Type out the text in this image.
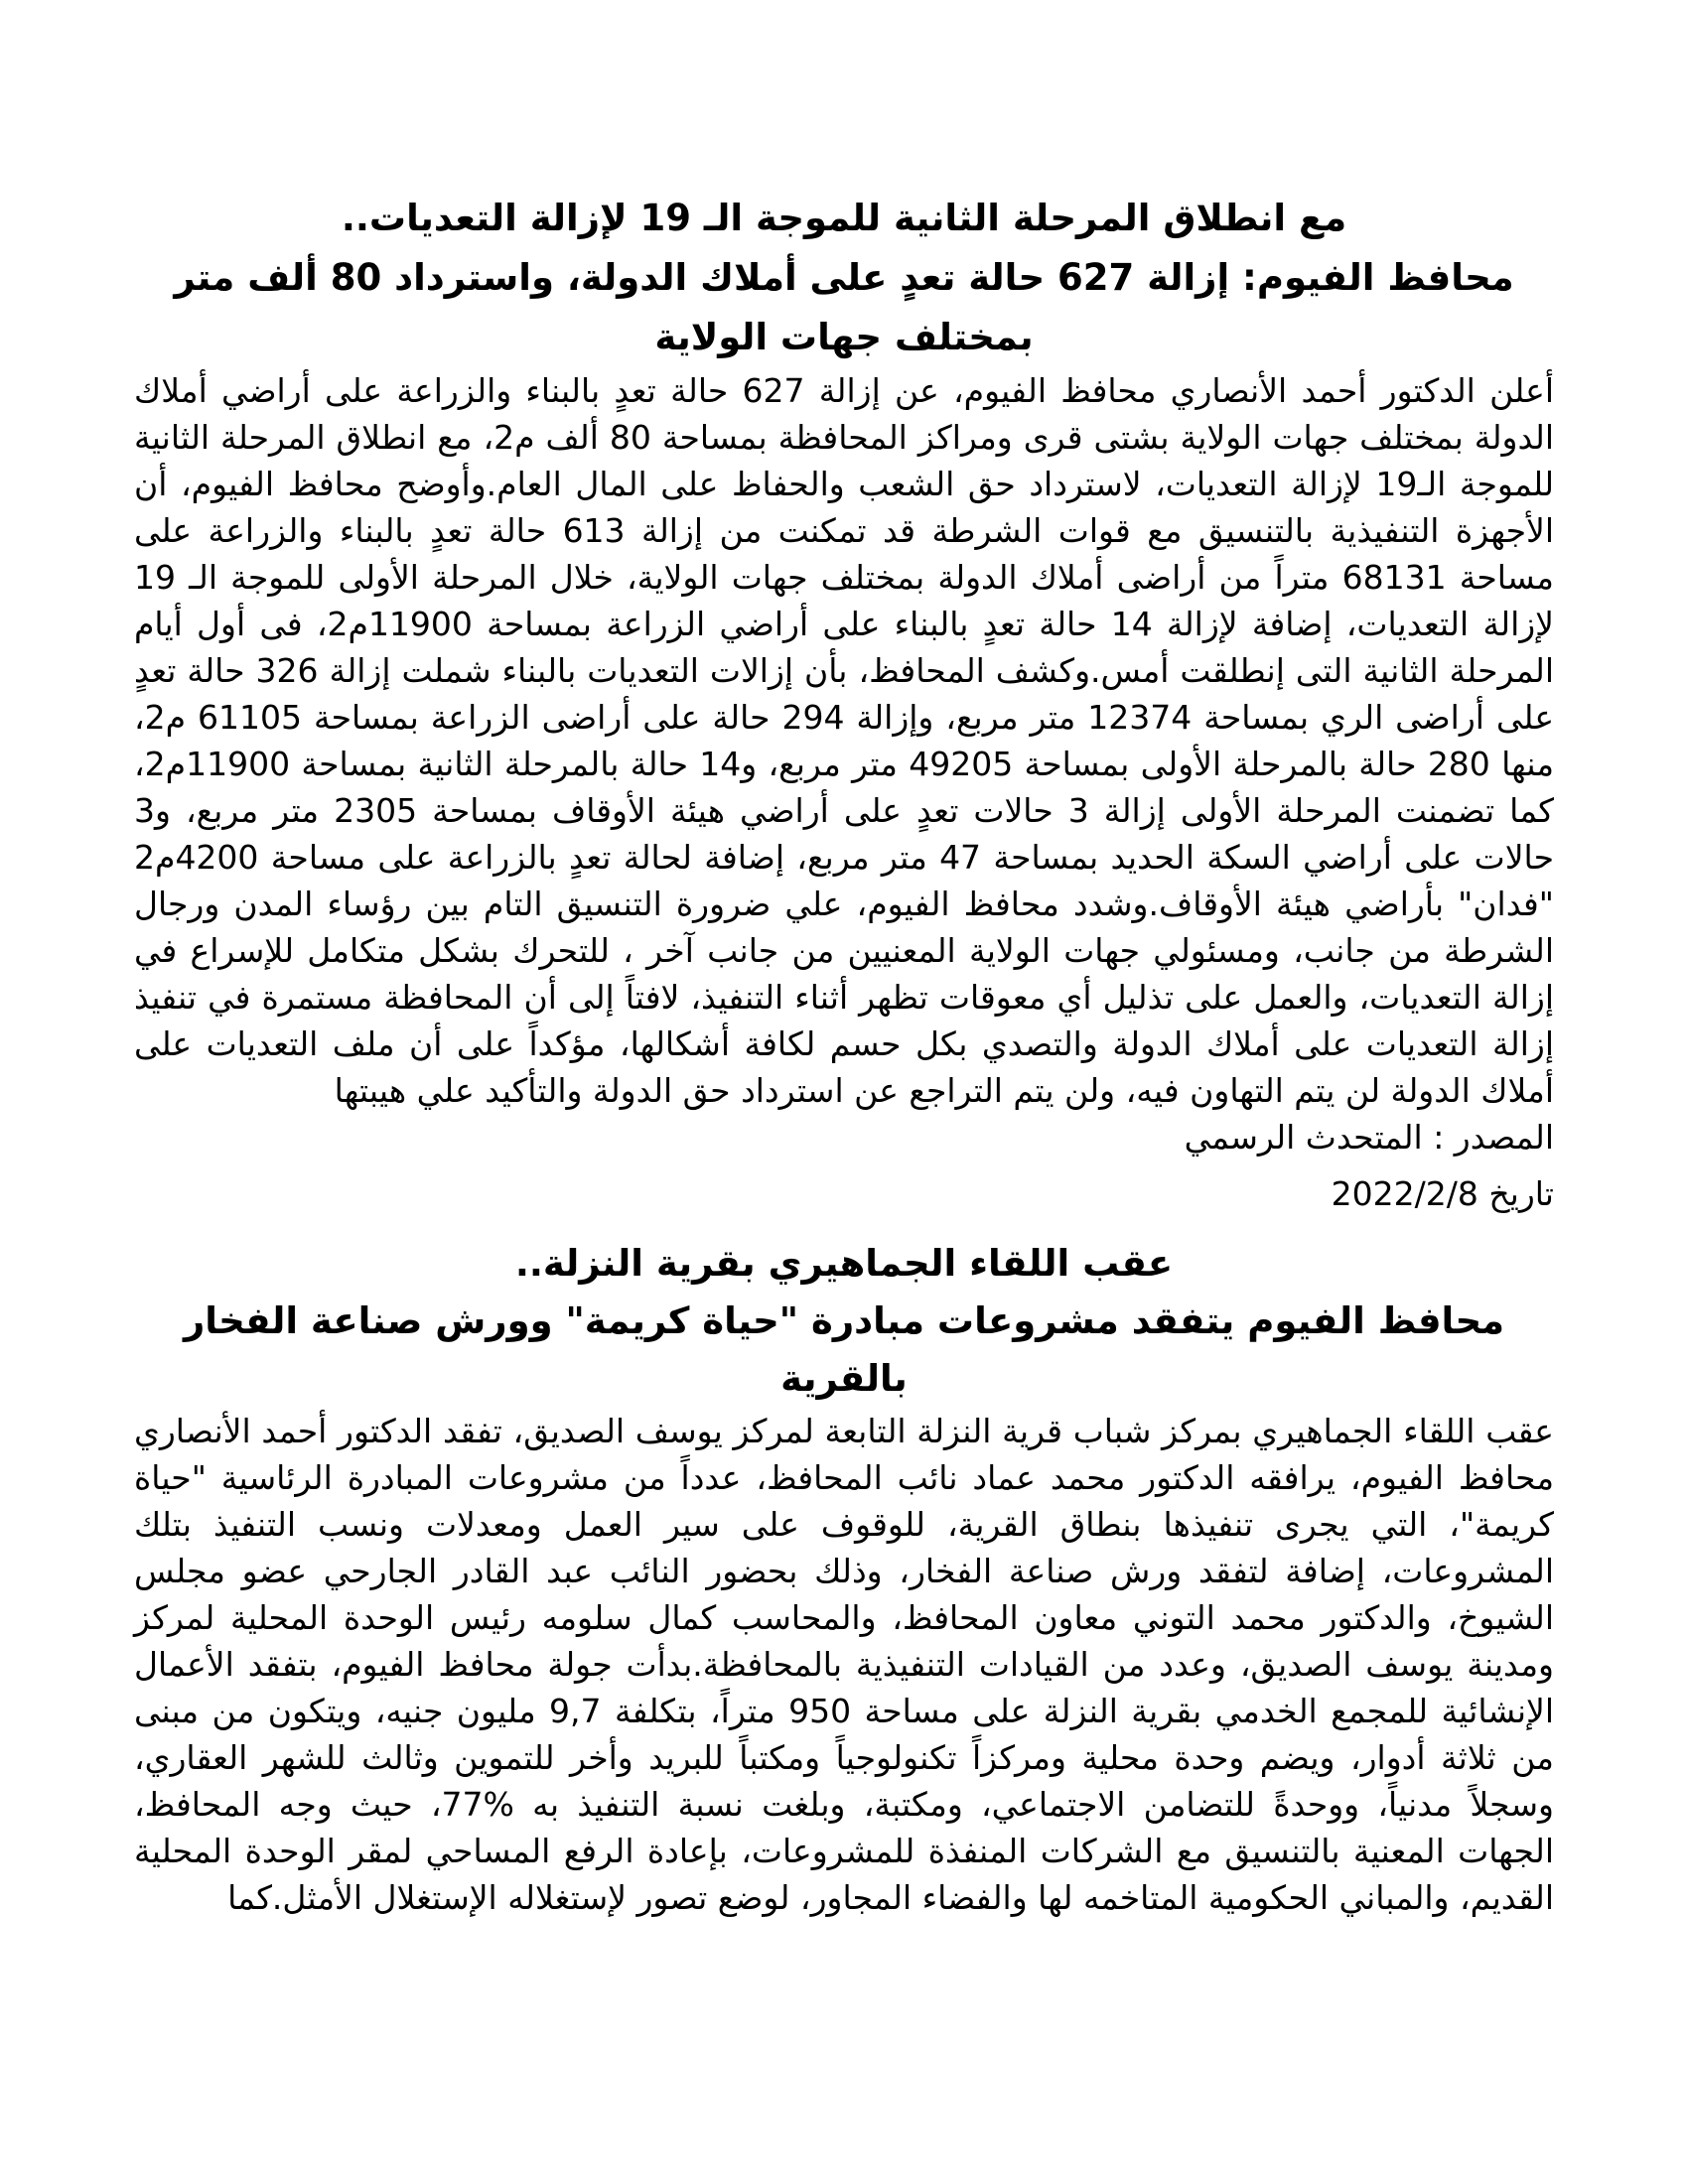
مع انطلاق المرحلة الثانية للموجة الـ 19 لإزالة التعديات..
محافظ الفيوم: إزالة 627 حالة تعدٍ على أملاك الدولة، واسترداد 80 ألف متر
بمختلف جهات الولاية

أعلن الدكتور أحمد الأنصاري محافظ الفيوم، عن إزالة 627 حالة تعدٍ بالبناء والزراعة على أراضي أملاك الدولة بمختلف جهات الولاية بشتى قرى ومراكز المحافظة بمساحة 80 ألف م2، مع انطلاق المرحلة الثانية للموجة الـ19 لإزالة التعديات، لاسترداد حق الشعب والحفاظ على المال العام.وأوضح محافظ الفيوم، أن الأجهزة التنفيذية بالتنسيق مع قوات الشرطة قد تمكنت من إزالة 613 حالة تعدٍ بالبناء والزراعة على مساحة 68131 متراً من أراضى أملاك الدولة بمختلف جهات الولاية، خلال المرحلة الأولى للموجة الـ 19 لإزالة التعديات، إضافة لإزالة 14 حالة تعدٍ بالبناء على أراضي الزراعة بمساحة 11900م2، فى أول أيام المرحلة الثانية التى إنطلقت أمس.وكشف المحافظ، بأن إزالات التعديات بالبناء شملت إزالة 326 حالة تعدٍ على أراضى الري بمساحة 12374 متر مربع، وإزالة 294 حالة على أراضى الزراعة بمساحة 61105 م2، منها 280 حالة بالمرحلة الأولى بمساحة 49205 متر مربع، و14 حالة بالمرحلة الثانية بمساحة 11900م2، كما تضمنت المرحلة الأولى إزالة 3 حالات تعدٍ على أراضي هيئة الأوقاف بمساحة 2305 متر مربع، و3 حالات على أراضي السكة الحديد بمساحة 47 متر مربع، إضافة لحالة تعدٍ بالزراعة على مساحة 4200م2 "فدان" بأراضي هيئة الأوقاف.وشدد محافظ الفيوم، علي ضرورة التنسيق التام بين رؤساء المدن ورجال الشرطة من جانب، ومسئولي جهات الولاية المعنيين من جانب آخر ، للتحرك بشكل متكامل للإسراع في إزالة التعديات، والعمل على تذليل أي معوقات تظهر أثناء التنفيذ، لافتاً إلى أن المحافظة مستمرة في تنفيذ إزالة التعديات على أملاك الدولة والتصدي بكل حسم لكافة أشكالها، مؤكداً على أن ملف التعديات على أملاك الدولة لن يتم التهاون فيه، ولن يتم التراجع عن استرداد حق الدولة والتأكيد علي هيبتها

المصدر : المتحدث الرسمي
تاريخ 2022/2/8
عقب اللقاء الجماهيري بقرية النزلة..
محافظ الفيوم يتفقد مشروعات مبادرة "حياة كريمة" وورش صناعة الفخار
بالقرية

عقب اللقاء الجماهيري بمركز شباب قرية النزلة التابعة لمركز يوسف الصديق، تفقد الدكتور أحمد الأنصاري محافظ الفيوم، يرافقه الدكتور محمد عماد نائب المحافظ، عدداً من مشروعات المبادرة الرئاسية "حياة كريمة"، التي يجرى تنفيذها بنطاق القرية، للوقوف على سير العمل ومعدلات ونسب التنفيذ بتلك المشروعات، إضافة لتفقد ورش صناعة الفخار، وذلك بحضور النائب عبد القادر الجارحي عضو مجلس الشيوخ، والدكتور محمد التوني معاون المحافظ، والمحاسب كمال سلومه رئيس الوحدة المحلية لمركز ومدينة يوسف الصديق، وعدد من القيادات التنفيذية بالمحافظة.بدأت جولة محافظ الفيوم، بتفقد الأعمال الإنشائية للمجمع الخدمي بقرية النزلة على مساحة 950 متراً، بتكلفة 9,7 مليون جنيه، ويتكون من مبنى من ثلاثة أدوار، ويضم وحدة محلية ومركزاً تكنولوجياً ومكتباً للبريد وأخر للتموين وثالث للشهر العقاري، وسجلاً مدنياً، ووحدةً للتضامن الاجتماعي، ومكتبة، وبلغت نسبة التنفيذ به %77، حيث وجه المحافظ، الجهات المعنية بالتنسيق مع الشركات المنفذة للمشروعات، بإعادة الرفع المساحي لمقر الوحدة المحلية القديم، والمباني الحكومية المتاخمه لها والفضاء المجاور، لوضع تصور لإستغلاله الإستغلال الأمثل.كما
